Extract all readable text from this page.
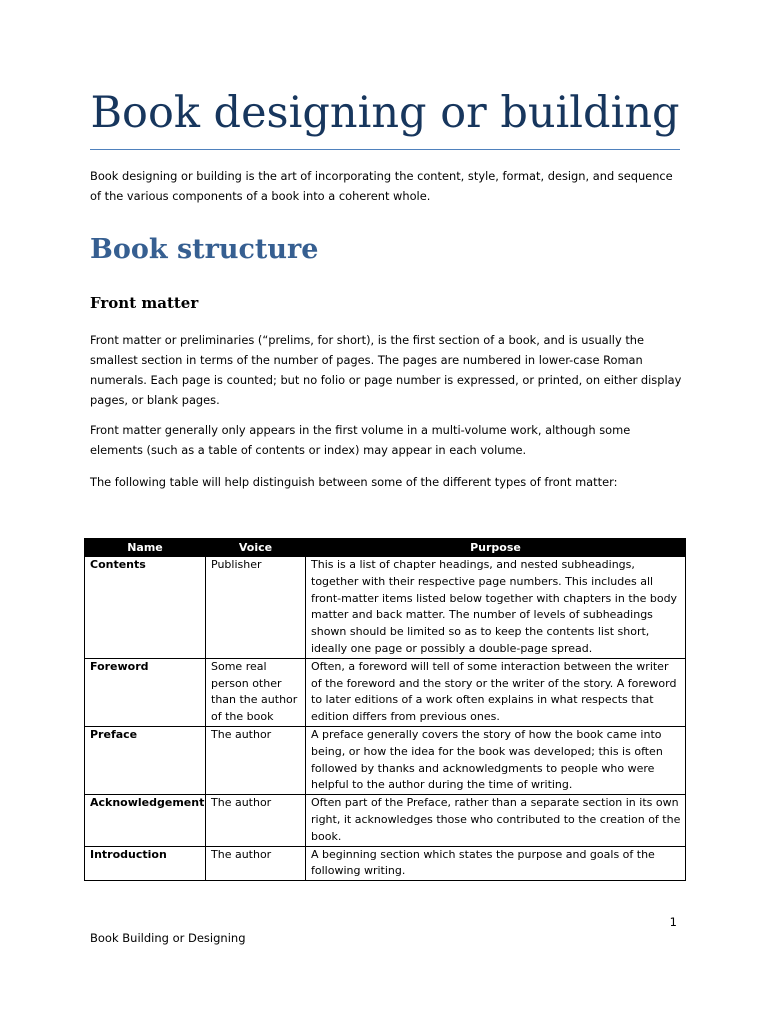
Book designing or building

Book designing or building is the art of incorporating the content, style, format, design, and sequence of the various components of a book into a coherent whole.

Book structure
Front matter

Front matter or preliminaries (“prelims, for short), is the first section of a book, and is usually the smallest section in terms of the number of pages. The pages are numbered in lower-case Roman numerals. Each page is counted; but no folio or page number is expressed, or printed, on either display pages, or blank pages.

Front matter generally only appears in the first volume in a multi-volume work, although some elements (such as a table of contents or index) may appear in each volume.

The following table will help distinguish between some of the different types of front matter:

Name	Voice	Purpose
Contents	Publisher	This is a list of chapter headings, and nested subheadings, together with their respective page numbers. This includes all front-matter items listed below together with chapters in the body matter and back matter. The number of levels of subheadings shown should be limited so as to keep the contents list short, ideally one page or possibly a double-page spread.
Foreword	Some real person other than the author of the book	Often, a foreword will tell of some interaction between the writer of the foreword and the story or the writer of the story. A foreword to later editions of a work often explains in what respects that edition differs from previous ones.
Preface	The author	A preface generally covers the story of how the book came into being, or how the idea for the book was developed; this is often followed by thanks and acknowledgments to people who were helpful to the author during the time of writing.
Acknowledgement	The author	Often part of the Preface, rather than a separate section in its own right, it acknowledges those who contributed to the creation of the book.
Introduction	The author	A beginning section which states the purpose and goals of the following writing.
1
Book Building or Designing
